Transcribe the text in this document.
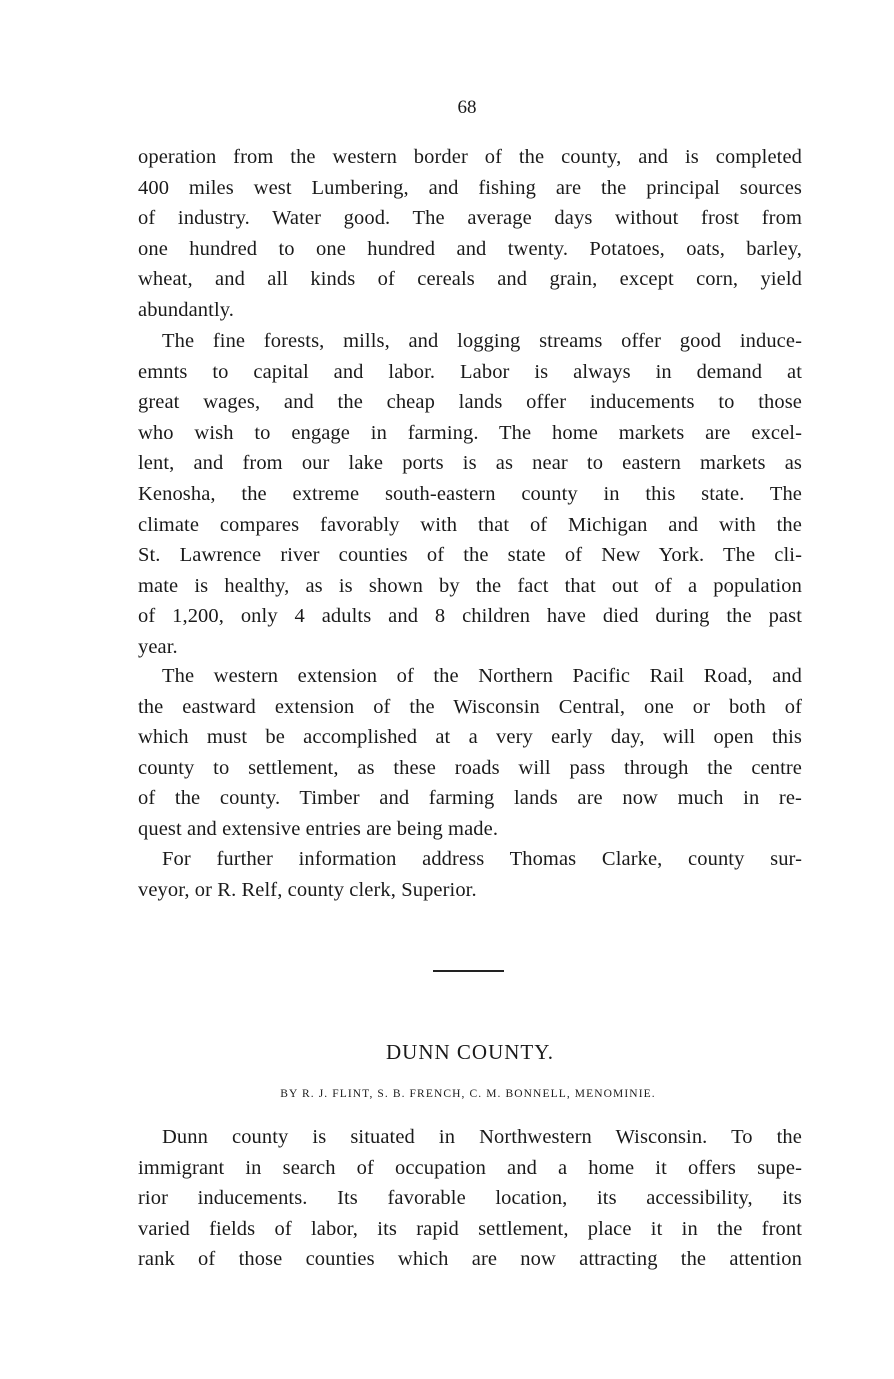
68

operation from the western border of the county, and is completed
400 miles west Lumbering, and fishing are the principal sources
of industry. Water good. The average days without frost from
one hundred to one hundred and twenty. Potatoes, oats, barley,
wheat, and all kinds of cereals and grain, except corn, yield
abundantly.

The fine forests, mills, and logging streams offer good induce-
emnts to capital and labor. Labor is always in demand at
great wages, and the cheap lands offer inducements to those
who wish to engage in farming. The home markets are excel-
lent, and from our lake ports is as near to eastern markets as
Kenosha, the extreme south-eastern county in this state. The
climate compares favorably with that of Michigan and with the
St. Lawrence river counties of the state of New York. The cli-
mate is healthy, as is shown by the fact that out of a population
of 1,200, only 4 adults and 8 children have died during the past
year.

The western extension of the Northern Pacific Rail Road, and
the eastward extension of the Wisconsin Central, one or both of
which must be accomplished at a very early day, will open this
county to settlement, as these roads will pass through the centre
of the county. Timber and farming lands are now much in re-
quest and extensive entries are being made.

For further information address Thomas Clarke, county sur-
veyor, or R. Relf, county clerk, Superior.

DUNN COUNTY.
BY R. J. FLINT, S. B. FRENCH, C. M. BONNELL, MENOMINIE.

Dunn county is situated in Northwestern Wisconsin. To the
immigrant in search of occupation and a home it offers supe-
rior inducements. Its favorable location, its accessibility, its
varied fields of labor, its rapid settlement, place it in the front
rank of those counties which are now attracting the attention
